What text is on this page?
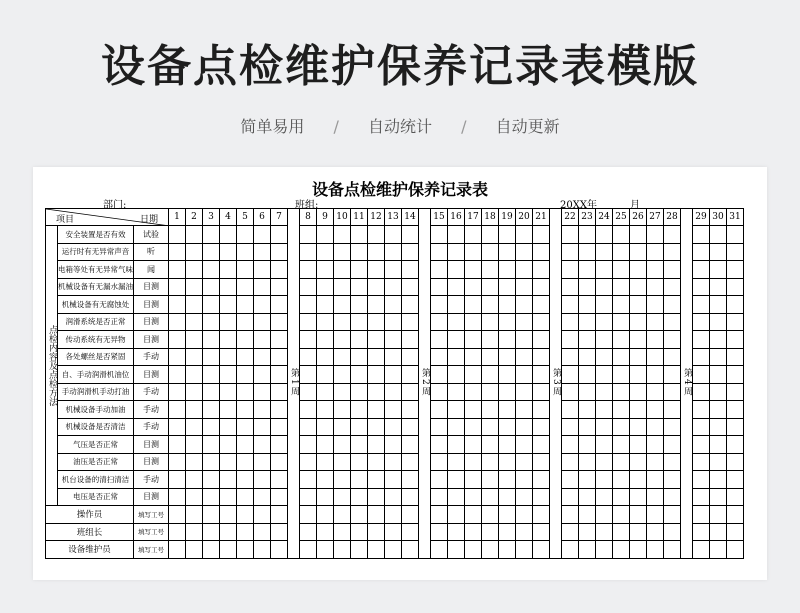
设备点检维护保养记录表模版
简单易用 / 自动统计 / 自动更新
设备点检维护保养记录表
部门:	班组:	20XX年	月
项目 日期			1	2	3	4	5	6	7	第1周	8	9	10	11	12	13	14	第2周	15	16	17	18	19	20	21	第3周	22	23	24	25	26	27	28	第4周	29	30	31
点检内容及点检方法	安全装置是否有效	试验																																			
	运行时有无异常声音	听																																			
	电箱等处有无异常气味	闻																																			
	机械设备有无漏水漏油	目测																																			
	机械设备有无腐蚀处	目测																																			
	润滑系统是否正常	目测																																			
	传动系统有无异物	目测																																			
	各处螺丝是否紧固	手动																																			
	自、手动润滑机油位	目测																																			
	手动润滑机手动打油	手动																																			
	机械设备手动加油	手动																																			
	机械设备是否清洁	手动																																			
	气压是否正常	目测																																			
	油压是否正常	目测																																			
	机台设备的清扫清洁	手动																																			
	电压是否正常	目测																																			
操作员		填写工号																																			
班组长		填写工号																																			
设备维护员		填写工号																																			
